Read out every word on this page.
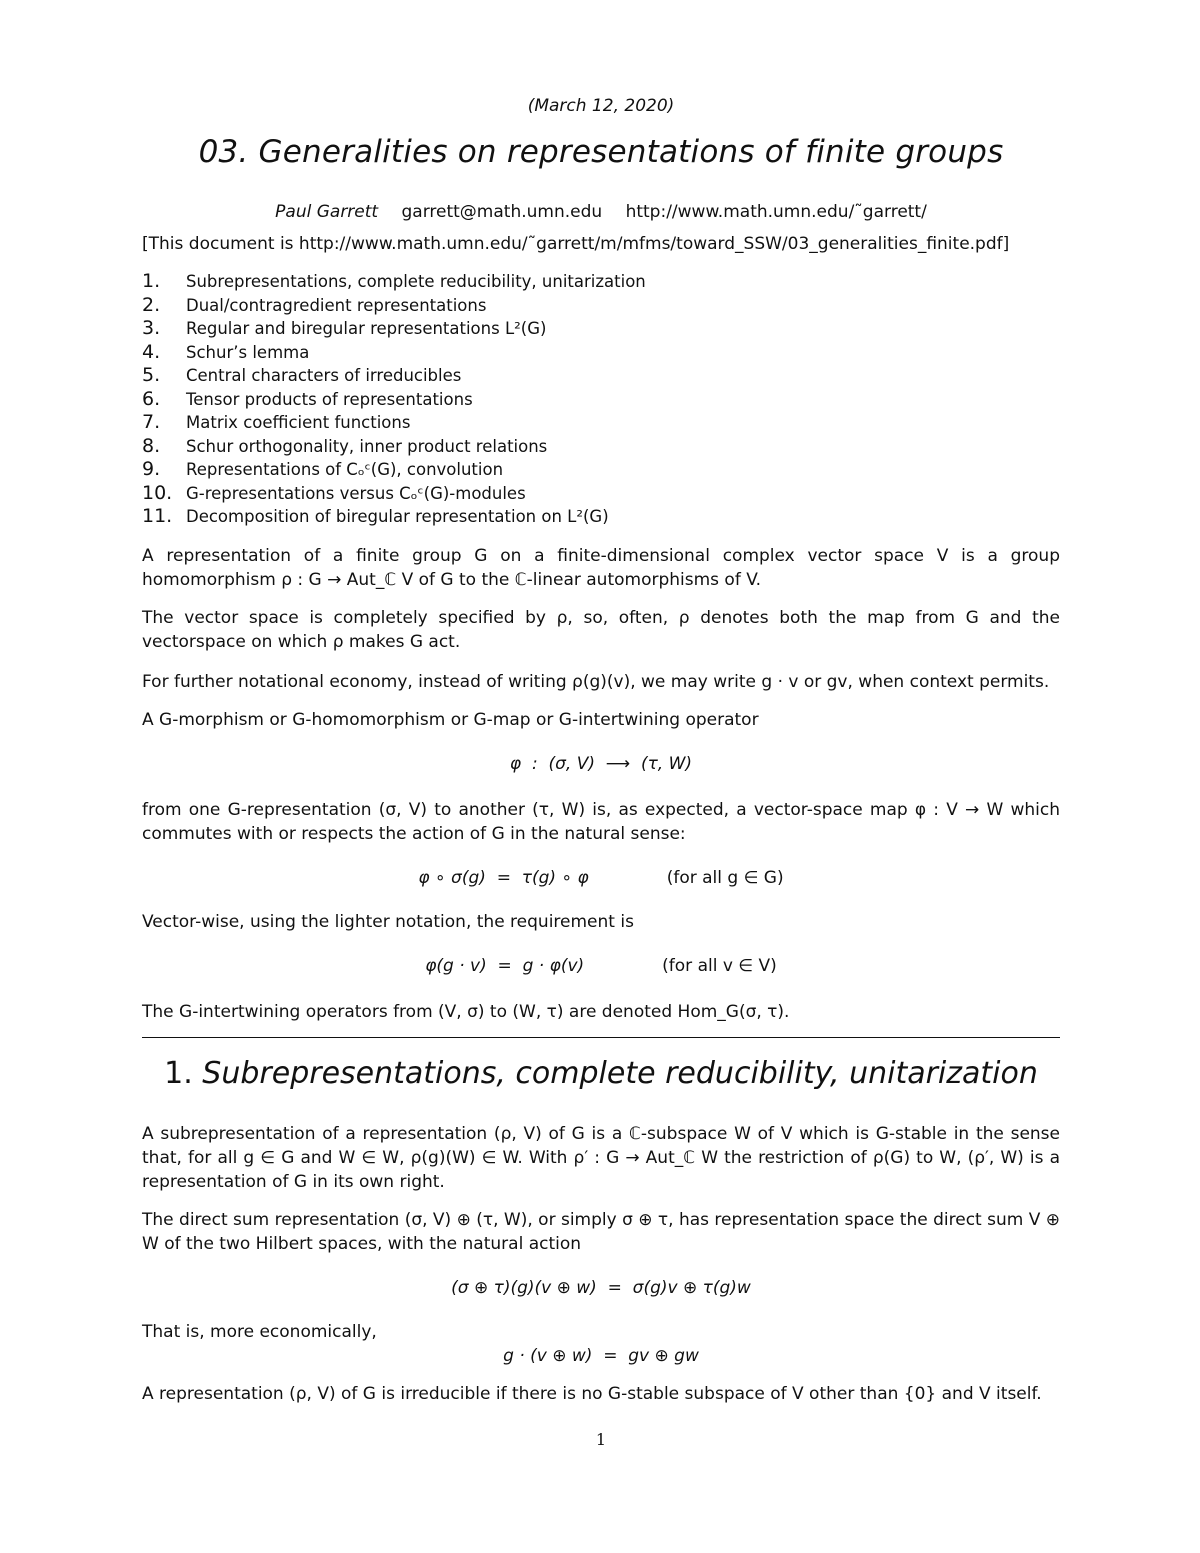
(March 12, 2020)
03. Generalities on representations of finite groups
Paul Garrett garrett@math.umn.edu http://www.math.umn.edu/˜garrett/
[This document is http://www.math.umn.edu/˜garrett/m/mfms/toward_SSW/03_generalities_finite.pdf]
1. Subrepresentations, complete reducibility, unitarization
2. Dual/contragredient representations
3. Regular and biregular representations L²(G)
4. Schur’s lemma
5. Central characters of irreducibles
6. Tensor products of representations
7. Matrix coefficient functions
8. Schur orthogonality, inner product relations
9. Representations of Cₒᶜ(G), convolution
10. G-representations versus Cₒᶜ(G)-modules
11. Decomposition of biregular representation on L²(G)

A representation of a finite group G on a finite-dimensional complex vector space V is a group homomorphism ρ : G → Aut_ℂ V of G to the ℂ-linear automorphisms of V.

The vector space is completely specified by ρ, so, often, ρ denotes both the map from G and the vectorspace on which ρ makes G act.

For further notational economy, instead of writing ρ(g)(v), we may write g · v or gv, when context permits.

A G-morphism or G-homomorphism or G-map or G-intertwining operator

φ  :  (σ, V)  ⟶  (τ, W)

from one G-representation (σ, V) to another (τ, W) is, as expected, a vector-space map φ : V → W which commutes with or respects the action of G in the natural sense:

φ ∘ σ(g)  =  τ(g) ∘ φ	(for all g ∈ G)

Vector-wise, using the lighter notation, the requirement is

φ(g · v)  =  g · φ(v)	(for all v ∈ V)

The G-intertwining operators from (V, σ) to (W, τ) are denoted Hom_G(σ, τ).

1. Subrepresentations, complete reducibility, unitarization

A subrepresentation of a representation (ρ, V) of G is a ℂ-subspace W of V which is G-stable in the sense that, for all g ∈ G and W ∈ W, ρ(g)(W) ∈ W. With ρ′ : G → Aut_ℂ W the restriction of ρ(G) to W, (ρ′, W) is a representation of G in its own right.

The direct sum representation (σ, V) ⊕ (τ, W), or simply σ ⊕ τ, has representation space the direct sum V ⊕ W of the two Hilbert spaces, with the natural action

(σ ⊕ τ)(g)(v ⊕ w)  =  σ(g)v ⊕ τ(g)w

That is, more economically,

g · (v ⊕ w)  =  gv ⊕ gw

A representation (ρ, V) of G is irreducible if there is no G-stable subspace of V other than {0} and V itself.

1
